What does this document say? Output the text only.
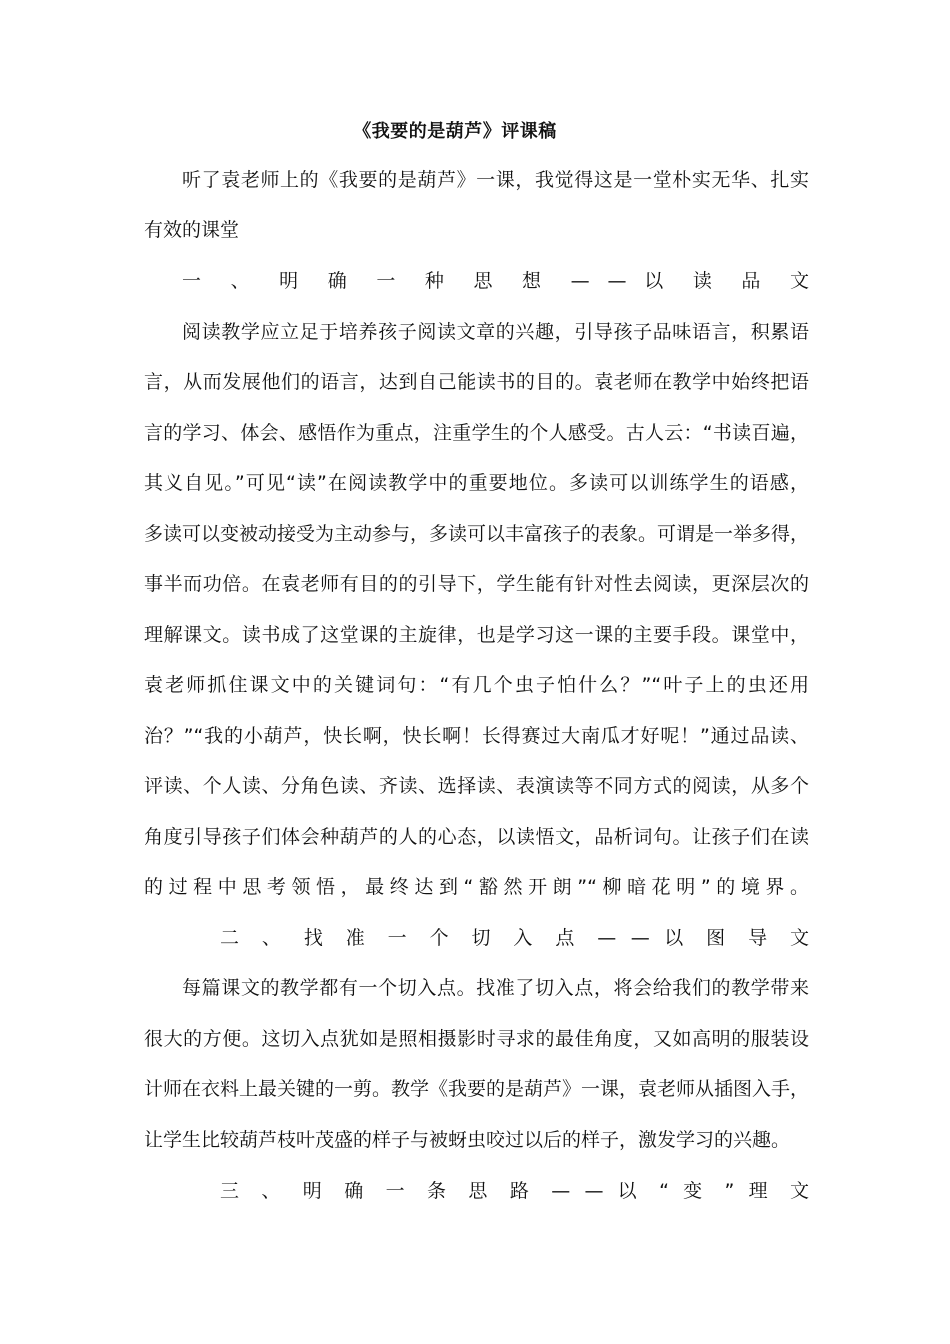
《我要的是葫芦》评课稿
听了袁老师上的《我要的是葫芦》一课，我觉得这是一堂朴实无华、扎实
有效的课堂
一 、 明 确 一 种 思 想 — — 以 读 品 文
阅读教学应立足于培养孩子阅读文章的兴趣，引导孩子品味语言，积累语
言，从而发展他们的语言，达到自己能读书的目的。袁老师在教学中始终把语
言的学习、体会、感悟作为重点，注重学生的个人感受。古人云：“书读百遍，
其义自见。”可见“读”在阅读教学中的重要地位。多读可以训练学生的语感，
多读可以变被动接受为主动参与，多读可以丰富孩子的表象。可谓是一举多得，
事半而功倍。在袁老师有目的的引导下，学生能有针对性去阅读，更深层次的
理解课文。读书成了这堂课的主旋律，也是学习这一课的主要手段。课堂中，
袁老师抓住课文中的关键词句：“有几个虫子怕什么？”“叶子上的虫还用
治？”“我的小葫芦，快长啊，快长啊！长得赛过大南瓜才好呢！”通过品读、
评读、个人读、分角色读、齐读、选择读、表演读等不同方式的阅读，从多个
角度引导孩子们体会种葫芦的人的心态，以读悟文，品析词句。让孩子们在读
的过程中思考领悟，最终达到“豁然开朗”“柳暗花明”的境界。
二 、 找 准 一 个 切 入 点 — — 以 图 导 文
每篇课文的教学都有一个切入点。找准了切入点，将会给我们的教学带来
很大的方便。这切入点犹如是照相摄影时寻求的最佳角度，又如高明的服装设
计师在衣料上最关键的一剪。教学《我要的是葫芦》一课，袁老师从插图入手，
让学生比较葫芦枝叶茂盛的样子与被蚜虫咬过以后的样子，激发学习的兴趣。
三 、 明 确 一 条 思 路 — — 以 “ 变 ” 理 文
